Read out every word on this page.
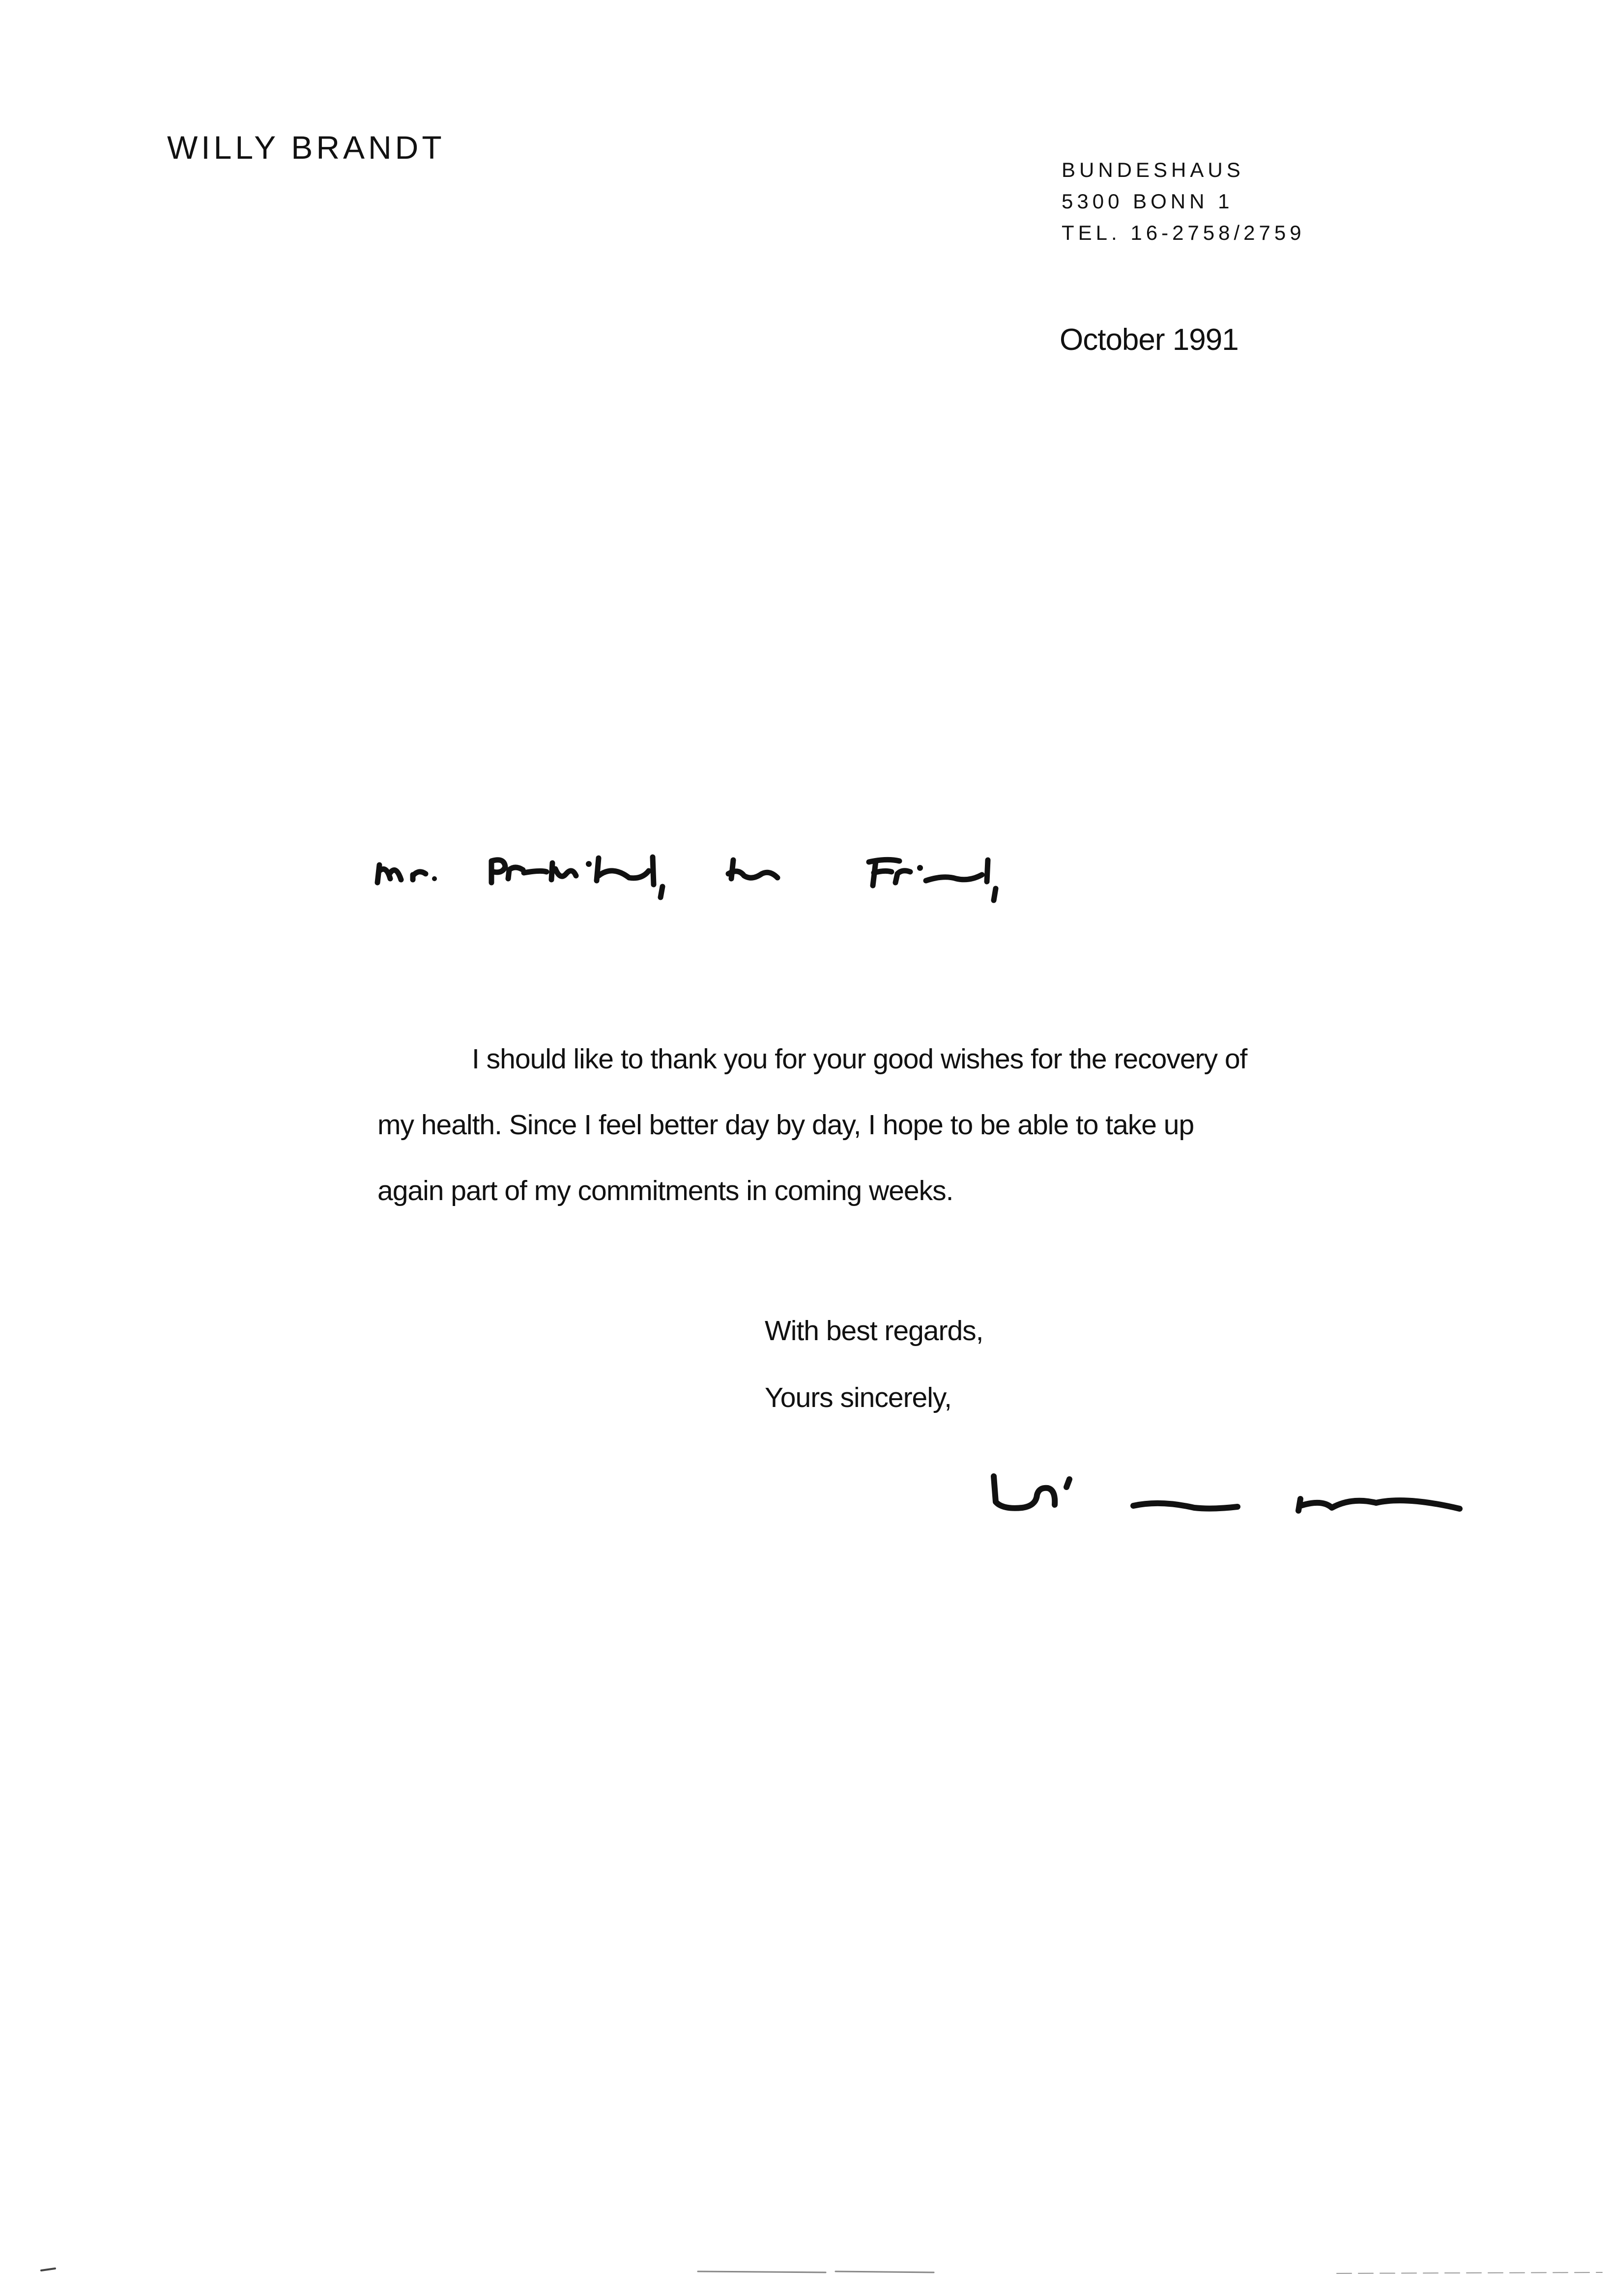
WILLY BRANDT
BUNDESHAUS
5300 BONN 1
TEL. 16-2758/2759
October 1991

I should like to thank you for your good wishes for the recovery of my health. Since I feel better day by day, I hope to be able to take up again part of my commitments in coming weeks.

With best regards,
Yours sincerely,
